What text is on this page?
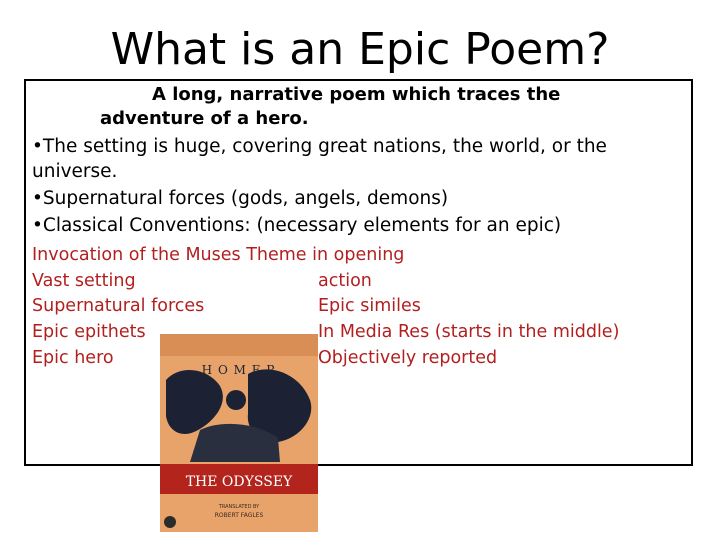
What is an Epic Poem?
A long, narrative poem which traces the
adventure of a hero.
•The setting is huge, covering great nations, the world, or the universe.
•Supernatural forces (gods, angels, demons)
•Classical Conventions: (necessary elements for an epic)
Invocation of the Muses Theme in opening
Vast setting
Supernatural forces
Epic epithets
Epic hero

action
Epic similes
In Media Res (starts in the middle)
Objectively reported
H O M E R
THE ODYSSEY
TRANSLATED BY
ROBERT FAGLES
